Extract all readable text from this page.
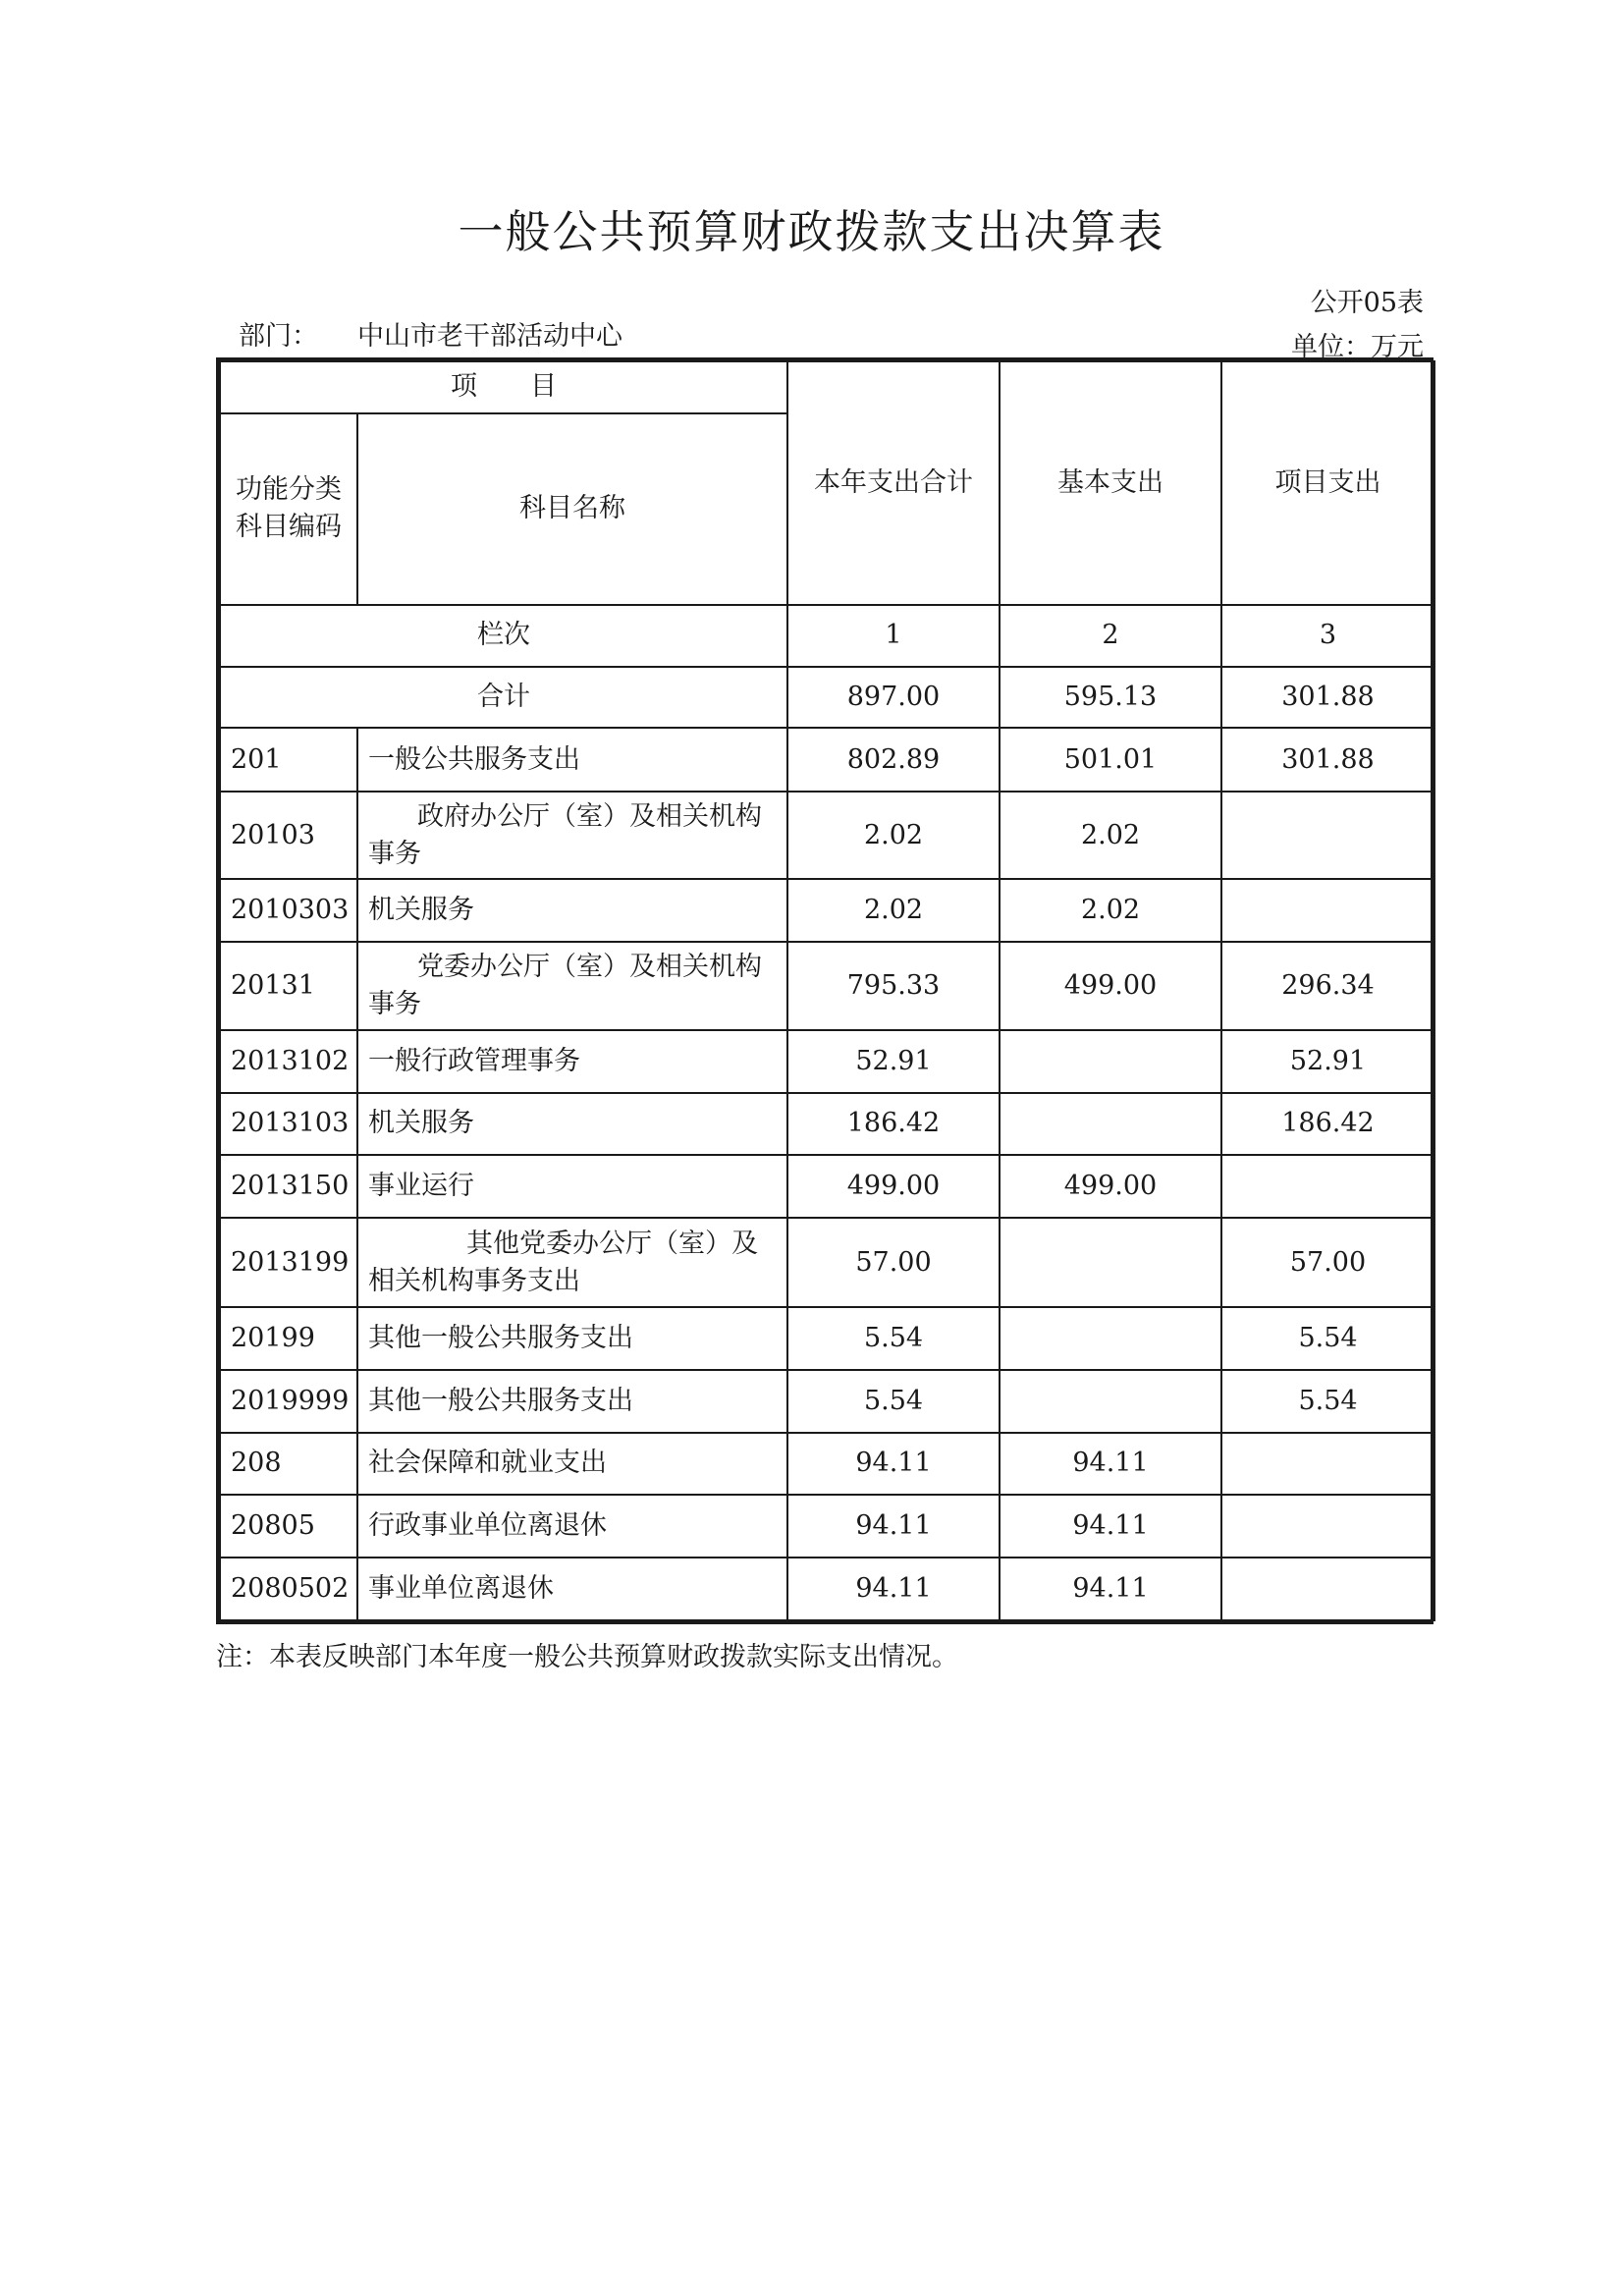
一般公共预算财政拨款支出决算表
公开05表
部门： 中山市老干部活动中心	单位：万元
项　　目		本年支出合计	基本支出	项目支出
功能分类科目编码	科目名称			
栏次		1	2	3
合计		897.00	595.13	301.88
201	一般公共服务支出	802.89	501.01	301.88
20103	政府办公厅（室）及相关机构事务	2.02	2.02	
2010303	机关服务	2.02	2.02	
20131	党委办公厅（室）及相关机构事务	795.33	499.00	296.34
2013102	一般行政管理事务	52.91		52.91
2013103	机关服务	186.42		186.42
2013150	事业运行	499.00	499.00	
2013199	其他党委办公厅（室）及相关机构事务支出	57.00		57.00
20199	其他一般公共服务支出	5.54		5.54
2019999	其他一般公共服务支出	5.54		5.54
208	社会保障和就业支出	94.11	94.11	
20805	行政事业单位离退休	94.11	94.11	
2080502	事业单位离退休	94.11	94.11	
注：本表反映部门本年度一般公共预算财政拨款实际支出情况。
